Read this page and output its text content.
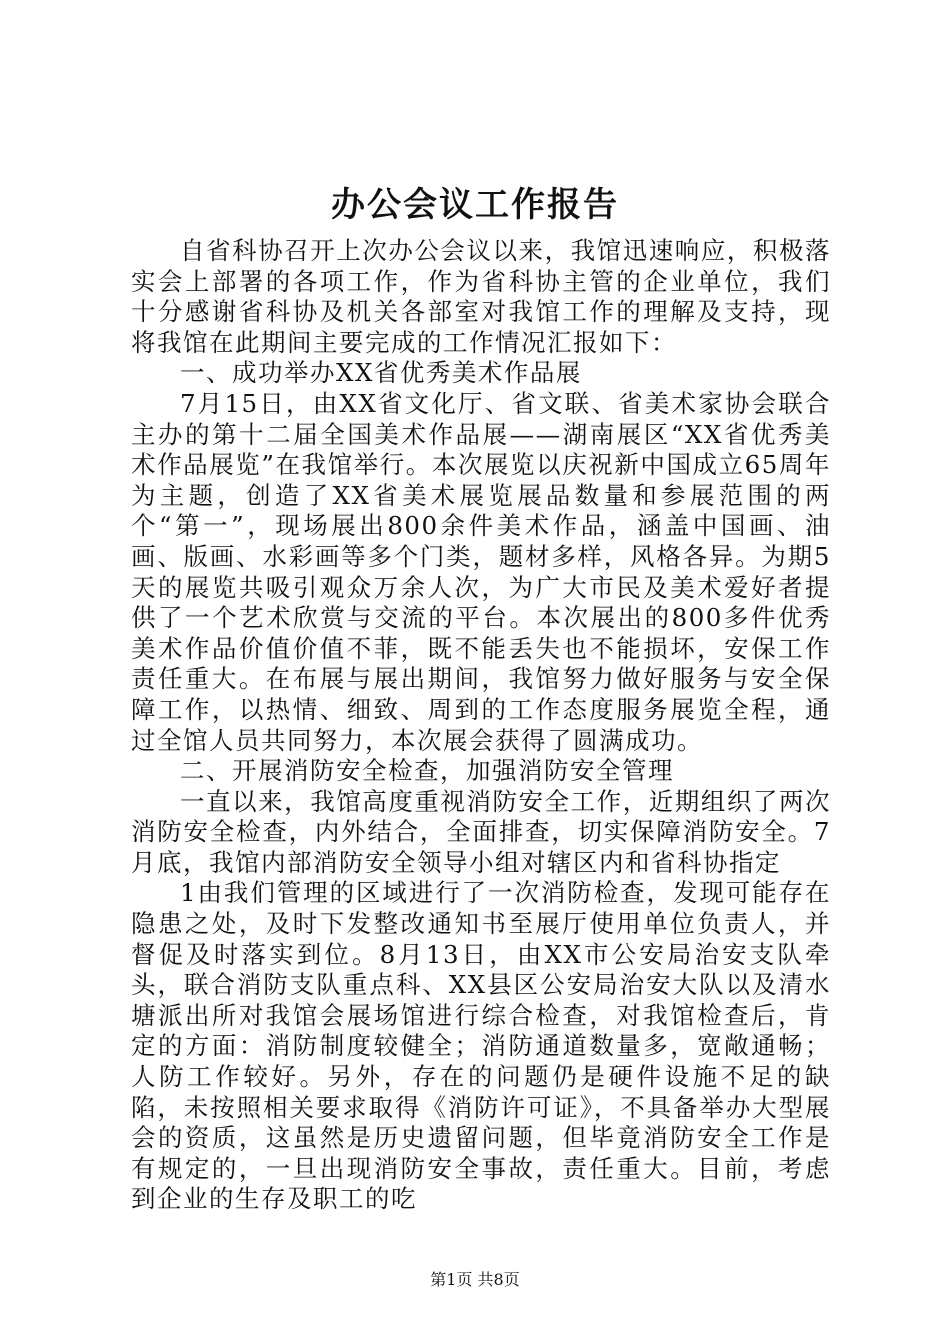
办公会议工作报告

自省科协召开上次办公会议以来，我馆迅速响应，积极落实会上部署的各项工作，作为省科协主管的企业单位，我们十分感谢省科协及机关各部室对我馆工作的理解及支持，现将我馆在此期间主要完成的工作情况汇报如下：

一、成功举办XX省优秀美术作品展

7月15日，由XX省文化厅、省文联、省美术家协会联合主办的第十二届全国美术作品展——湖南展区“XX省优秀美术作品展览”在我馆举行。本次展览以庆祝新中国成立65周年为主题，创造了XX省美术展览展品数量和参展范围的两个“第一”，现场展出800余件美术作品，涵盖中国画、油画、版画、水彩画等多个门类，题材多样，风格各异。为期5天的展览共吸引观众万余人次，为广大市民及美术爱好者提供了一个艺术欣赏与交流的平台。本次展出的800多件优秀美术作品价值价值不菲，既不能丢失也不能损坏，安保工作责任重大。在布展与展出期间，我馆努力做好服务与安全保障工作，以热情、细致、周到的工作态度服务展览全程，通过全馆人员共同努力，本次展会获得了圆满成功。

二、开展消防安全检查，加强消防安全管理

一直以来，我馆高度重视消防安全工作，近期组织了两次消防安全检查，内外结合，全面排查，切实保障消防安全。7月底，我馆内部消防安全领导小组对辖区内和省科协指定

1由我们管理的区域进行了一次消防检查，发现可能存在隐患之处，及时下发整改通知书至展厅使用单位负责人，并督促及时落实到位。8月13日，由XX市公安局治安支队牵头，联合消防支队重点科、XX县区公安局治安大队以及清水塘派出所对我馆会展场馆进行综合检查，对我馆检查后，肯定的方面：消防制度较健全；消防通道数量多，宽敞通畅；人防工作较好。另外，存在的问题仍是硬件设施不足的缺陷，未按照相关要求取得《消防许可证》，不具备举办大型展会的资质，这虽然是历史遗留问题，但毕竟消防安全工作是有规定的，一旦出现消防安全事故，责任重大。目前，考虑到企业的生存及职工的吃

第1页 共8页
